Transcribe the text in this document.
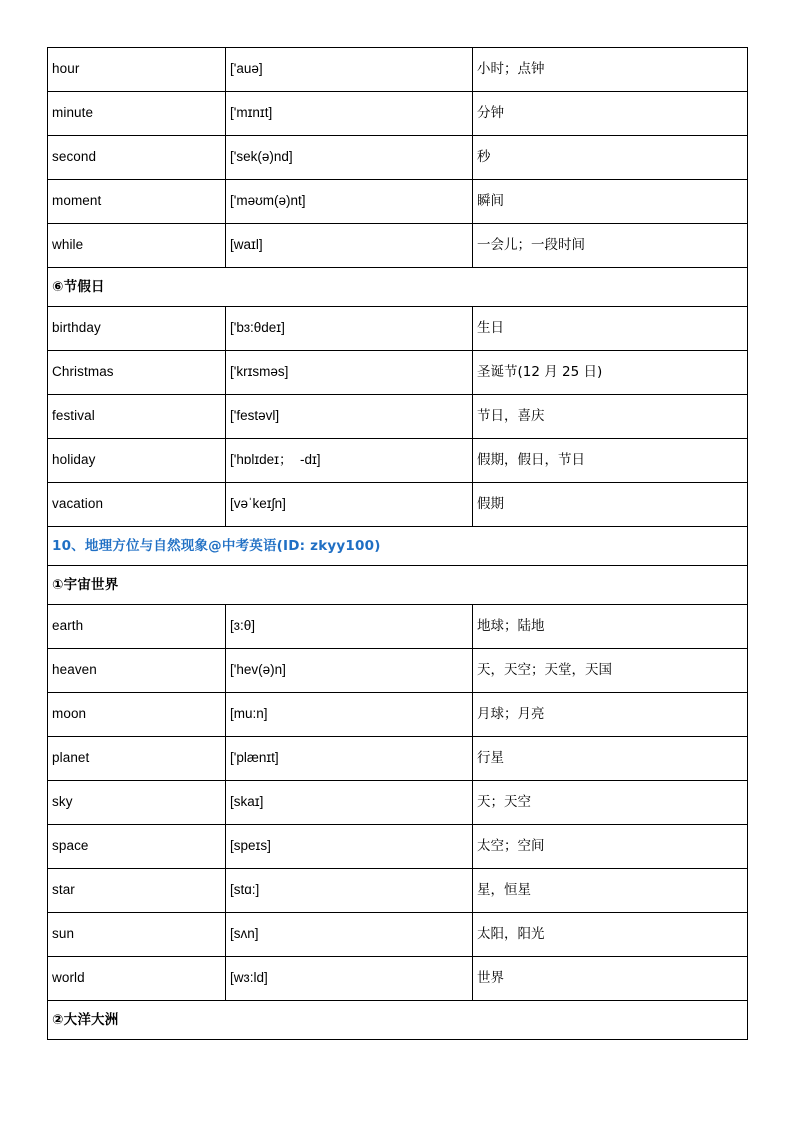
hour	['auə]	小时；点钟
minute	['mɪnɪt]	分钟
second	['sek(ə)nd]	秒
moment	['məʊm(ə)nt]	瞬间
while	[waɪl]	一会儿；一段时间
⑥节假日		
birthday	['bɜ:θdeɪ]	生日
Christmas	['krɪsməs]	圣诞节(12 月 25 日)
festival	['festəvl]	节日，喜庆
holiday	['hɒlɪdeɪ；  -dɪ]	假期，假日，节日
vacation	[vəˈkeɪʃn]	假期
10、地理方位与自然现象@中考英语(ID: zkyy100)		
①宇宙世界		
earth	[ɜ:θ]	地球；陆地
heaven	['hev(ə)n]	天，天空；天堂，天国
moon	[mu:n]	月球；月亮
planet	['plænɪt]	行星
sky	[skaɪ]	天；天空
space	[speɪs]	太空；空间
star	[stɑ:]	星，恒星
sun	[sʌn]	太阳，阳光
world	[wɜ:ld]	世界
②大洋大洲		
